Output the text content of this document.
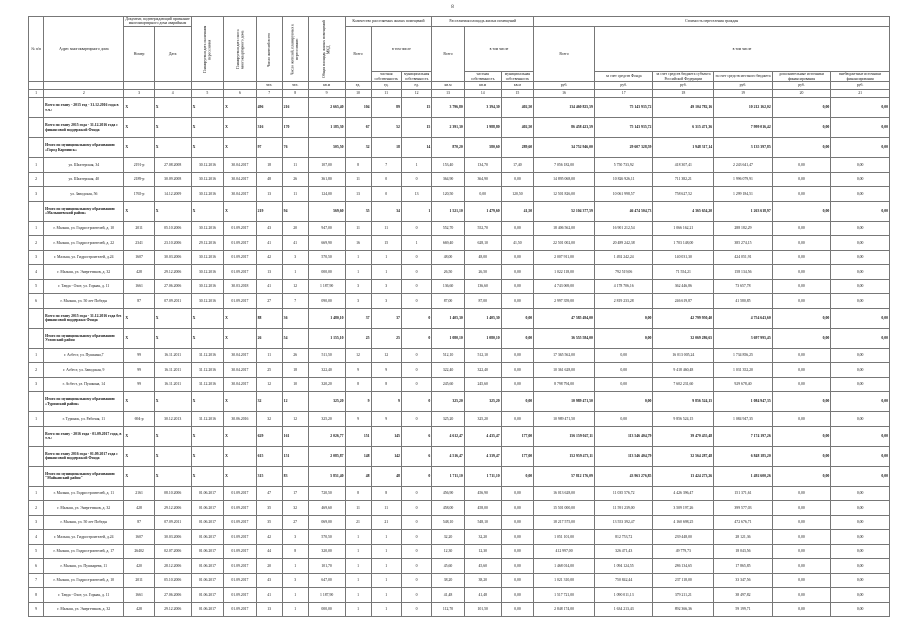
8
№ п/п	Адрес многоквартирного дома	Документ, подтверждающий признание многоквартирного дома аварийным		Планируемая дата окончания переселения	Планируемая дата сноса многоквартирного дома	Число жителей всего	Число жителей, планируемых к переселению	Общая площадь жилых помещений МКД	Количество расселяемых жилых помещений			Расселяемая площадь жилых помещений			Стоимость переселения граждан					
		Номер	Дата						Всего	в том числе		Всего	в том числе		Всего	в том числе				
										частная собственность	муниципальная собственность		частная собственность	муниципальная собственность		за счет средств Фонда	за счет средств бюджета субъекта Российской Федерации	за счет средств местного бюджета	дополнительные источники финансирования	внебюджетные источники финансирования
						чел.	чел.	кв.м	ед.	ед.	ед.	кв.м	кв.м	кв.м	руб.	руб.	руб.	руб.	руб.	руб.
1	2	3	4	5	6	7	8	9	10	11	12	13	14	15	16	17	18	19	20	21
	Всего по этапу - 2015 год - 31.12.2016 года в т.ч.:	X	X	X	X	496	216	2 665,40	104	89	15	3 796,80	3 394,30	402,50	134 460 825,59	75 143 935,72	49 104 782,16	10 212 162,02	0,00	0,00
	Всего по этапу 2015 года - 31.12.2016 года с финансовой поддержкой Фонда	X	X	X	X	316	170	1 185,30	67	52	15	2 391,30	1 988,80	402,50	86 458 423,59	75 143 935,72	6 315 471,36	7 999 016,42	0,00	0,00
	Итого по муниципальному образованию «Город Карпинск»	X	X	X	X	97	76	505,50	32	18	14	870,20	580,60	289,60	34 752 946,00	29 607 328,59	1 948 317,14	3 135 397,85	0,00	0,00
1	ул. Шахтерская, 34	2191-р	27.08.2008	30.12.2016	30.04.2017	18	11	107,00	8	7	1	153,40	134,70	17,40	7 056 182,00	5 750 733,92	418 307,41	2 243 641,47	0,00	0,00
2	ул. Шахтерская, 40	2189-р	30.09.2008	30.12.2016	30.04.2017	48	26	361,80	11	0	0	364,90	364,90	0,00	14 895 068,00	10 826 926,11	711 382,21	1 996 079,91	0,00	0,00
3	ул. Заводская, 56	1765-р	14.12.2009	30.12.2016	30.04.2017	13	11	124,00	13	0	13	120,50	0,00	120,50	12 501 826,00	10 061 998,57	758 627,52	1 299 184,51	0,00	0,00
	Итого по муниципальному образованию «Малышевский район»	X	X	X	X	219	94	569,60	35	34	1	1 521,10	1 479,60	41,50	52 104 377,59	46 474 504,73	4 365 654,20	1 263 618,97	0,00	0,00
1	г. Малыш, ул. Гидростроителей, д. 10	2011	05.10.2006	30.12.2016	01.09.2017	43	20	947,00	11	11	0	552,70	552,70	0,00	18 406 562,00	16 901 212,54	1 066 162,21	288 182,29	0,00	0,00
2	г. Малыш, ул. Гидростроителей, д. 22	2341	23.10.2006	29.12.2016	01.09.2017	41	41	669,90	16	15	1	669,40	628,10	41,50	22 501 002,00	20 489 242,38	1 703 148,00	385 274,15	0,00	0,00
3	г. Малыш, ул. Гидростроителей, д.24	1607	30.03.2006	30.12.2016	01.09.2017	42	3	570,50	1	1	0	48,00	48,00	0,00	2 007 911,00	1 492 242,24	140 031,30	424 051,91	0,00	0,00
4	г. Малыш, ул. Энергетиков, д. 32	428	29.12.2006	30.12.2016	01.09.2017	13	1	000,00	1	1	0	26,50	26,50	0,00	1 022 118,00	792 519,06	71 554,21	158 134,56	0,00	0,00
5	г. Тавда - Охот, ул. Горная, д. 11	1661	27.06.2006	30.12.2016	30.03.2018	41	12	1 187,90	3	3	0	136,60	136,60	0,00	4 743 069,00	4 178 706,16	362 446,86	73 657,78	0,00	0,00
6	г. Малыш, ул. 50 лет Победы	87	07.09.2011	30.12.2016	01.09.2017	27	7	090,00	3	3	0	87,00	87,00	0,00	2 997 359,00	2 819 233,28	246 619,87	41 580,85	0,00	0,00
	Всего по этапу 2015 года - 31.12.2016 года без финансовой поддержки Фонда	X	X	X	X	88	36	1 480,10	37	37	0	1 405,30	1 405,30	0,00	47 585 494,00	0,00	42 799 950,40	4 754 643,60	0,00	0,00
	Итого по муниципальному образованию Угловский район	X	X	X	X	26	54	1 155,10	25	25	0	1 080,10	1 080,10	0,00	36 555 584,00	0,00	32 069 286,65	3 697 995,45	0,00	0,00
1	г. Асбест, ул. Пушкина,7	99	16.11.2011	31.12.2016	30.04.2017	11	26	511,50	12	12	0	512,10	512,10	0,00	17 365 562,00	0,00	16 013 005,24	1 734 856,25	0,00	0,00
2	г. Асбест, ул. Заводская, 9	99	16.11.2011	31.12.2016	30.04.2017	25	18	322,40	9	9	0	322,40	322,40	0,00	10 361 628,00	0,00	9 418 460,48	1 031 352,20	0,00	0,00
3	г. Асбест, ул. Пушкина, 14	99	16.11.2011	31.12.2016	30.04.2017	12	10	320,20	8	8	0	245,60	245,60	0,00	8 798 794,00	0,00	7 602 231,60	929 678,40	0,00	0,00
	Итого по муниципальному образованию «Туринский район»	X	X	X	X	32	12	325,20	9	9	0	325,20	325,20	0,00	10 989 471,50	0,00	9 856 524,15	1 084 947,35	0,00	0,00
1	г. Туринск, ул. Рабочая, 11	694-р	30.12.2013	31.12.2016	30.06.2016	32	12	325,20	9	9	0	325,20	325,20	0,00	10 989 471,50	0,00	9 856 524,15	1 084 947,35	0,00	0,00
	Всего по этапу - 2016 года - 01.09.2017 года, в т.ч.:	X	X	X	X	629	161	2 026,77	151	145	6	4 612,47	4 435,47	177,00	156 159 047,11	113 546 404,79	39 470 455,48	7 174 197,26	0,00	0,00
	Всего по этапу 2016 года - 01.09.2017 года с финансовой поддержкой Фонда	X	X	X	X	615	151	2 085,87	148	142	6	4 516,47	4 339,47	177,00	152 959 473,11	113 546 404,79	32 564 287,48	6 848 185,20	0,00	0,00
	Итого по муниципальному образованию "Майкапский район"	X	X	X	X	315	83	5 851,40	48	48	0	1 711,10	1 711,10	0,00	57 812 176,09	43 963 276,85	13 424 273,26	1 492 600,26	0,00	0,00
1	г. Малыш, ул. Гидростроителей, д. 11	2161	08.10.2006	01.06.2017	01.09.2017	47	17	720,50	8	8	0	456,90	456,90	0,00	16 013 628,00	11 035 576,72	4 426 396,47	151 371,61	0,00	0,00
2	г. Малыш, ул. Энергетиков, д. 32	428	29.12.2006	01.06.2017	01.09.2017	35	32	469,60	11	11	0	458,00	458,00	0,00	15 501 000,00	11 591 239,00	3 509 197,26	399 577,03	0,00	0,00
3	г. Малыш, ул. 50 лет Победы	87	07.09.2011	01.06.2017	01.09.2017	35	27	069,00	21	21	0	548,10	548,10	0,00	18 217 575,00	13 553 392,47	4 160 698,25	472 676,71	0,00	0,00
4	г. Малыш, ул. Гидростроителей, д.24	1607	30.03.2006	01.06.2017	01.09.2017	42	3	570,50	1	1	0	32,20	32,20	0,00	1 051 101,00	812 753,72	239 448,00	28 121,36	0,00	0,00
5	г. Малыш, ул. Гидростроителей, д. 17	26402	02.07.2006	01.06.2017	01.09.2017	44	8	320,00	1	1	0	12,30	12,30	0,00	412 997,00	326 471,43	49 779,73	18 043,56	0,00	0,00
6	г. Малыш, ул. Пушкарева, 11	420	28.12.2006	01.06.2017	01.09.2017	20	1	101,70	1	1	0	45,60	45,60	0,00	1 468 014,00	1 094 124,55	286 134,65	17 865,85	0,00	0,00
7	г. Малыш, ул. Гидростроителей, д. 10	2011	05.10.2006	01.06.2017	01.09.2017	43	3	647,00	1	1	0	38,20	38,20	0,00	1 021 310,00	750 842,44	237 118,00	33 347,56	0,00	0,00
8	г. Тавда - Охот, ул. Горная, д. 11	1661	27.06.2006	01.06.2017	01.09.2017	41	1	1 187,90	1	1	0	41,48	41,48	0,00	1 517 721,00	1 090 011,13	379 211,21	38 497,82	0,00	0,00
9	г. Малыш, ул. Энергетиков, д. 32	428	29.12.2006	01.06.2017	01.09.2017	13	1	000,00	1	1	0	112,70	101,50	0,00	2 848 174,00	1 634 213,43	892 366,36	59 199,71	0,00	0,00
